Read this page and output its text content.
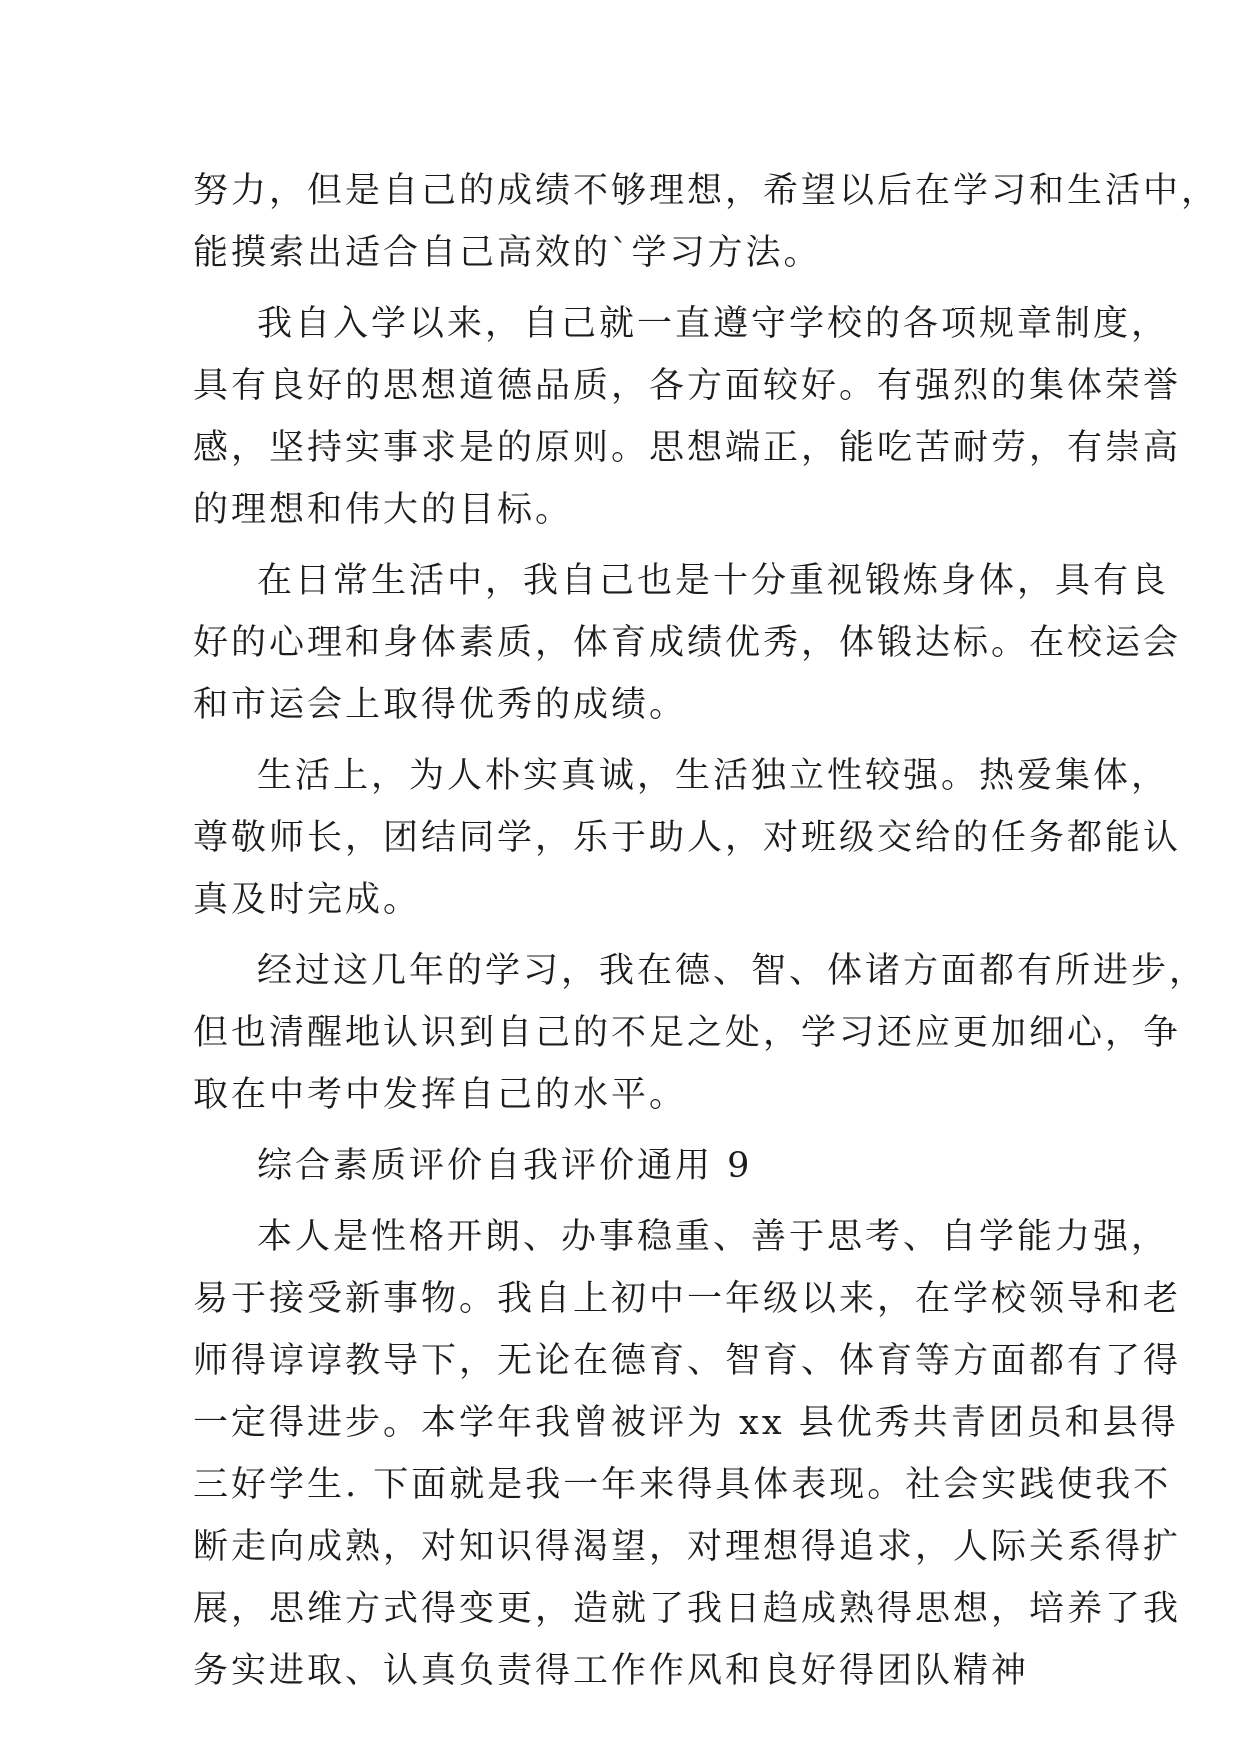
努力，但是自己的成绩不够理想，希望以后在学习和生活中，
能摸索出适合自己高效的`学习方法。
我自入学以来，自己就一直遵守学校的各项规章制度，
具有良好的思想道德品质，各方面较好。有强烈的集体荣誉
感，坚持实事求是的原则。思想端正，能吃苦耐劳，有崇高
的理想和伟大的目标。
在日常生活中，我自己也是十分重视锻炼身体，具有良
好的心理和身体素质，体育成绩优秀，体锻达标。在校运会
和市运会上取得优秀的成绩。
生活上，为人朴实真诚，生活独立性较强。热爱集体，
尊敬师长，团结同学，乐于助人，对班级交给的任务都能认
真及时完成。
经过这几年的学习，我在德、智、体诸方面都有所进步，
但也清醒地认识到自己的不足之处，学习还应更加细心，争
取在中考中发挥自己的水平。
综合素质评价自我评价通用 9
本人是性格开朗、办事稳重、善于思考、自学能力强，
易于接受新事物。我自上初中一年级以来，在学校领导和老
师得谆谆教导下，无论在德育、智育、体育等方面都有了得
一定得进步。本学年我曾被评为 xx 县优秀共青团员和县得
三好学生. 下面就是我一年来得具体表现。社会实践使我不
断走向成熟，对知识得渴望，对理想得追求，人际关系得扩
展，思维方式得变更，造就了我日趋成熟得思想，培养了我
务实进取、认真负责得工作作风和良好得团队精神
